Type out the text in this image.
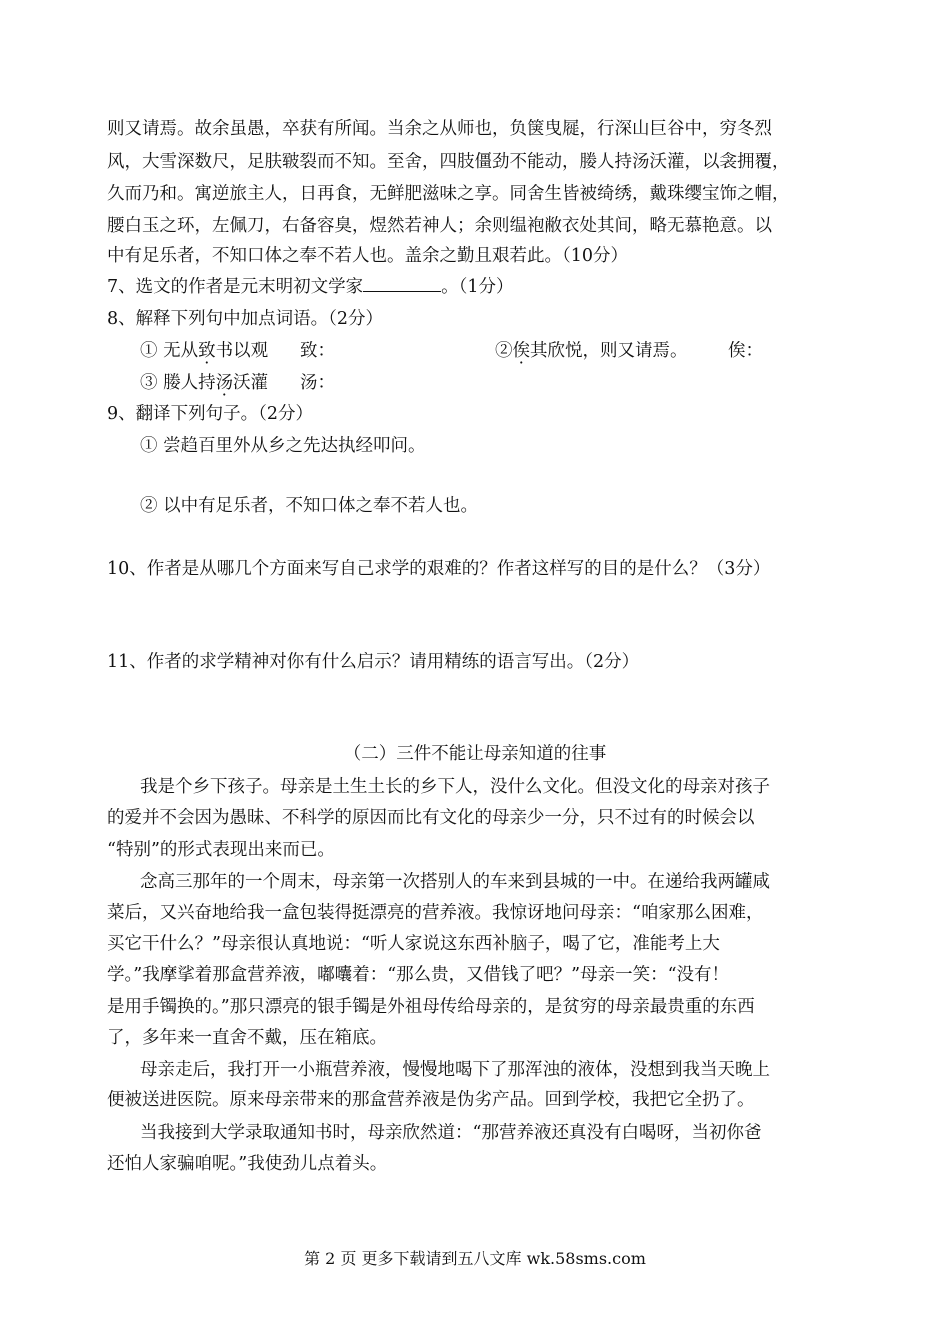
则又请焉。故余虽愚，卒获有所闻。当余之从师也，负箧曳屣，行深山巨谷中，穷冬烈
风，大雪深数尺，足肤皲裂而不知。至舍，四肢僵劲不能动，媵人持汤沃灌，以衾拥覆，
久而乃和。寓逆旅主人，日再食，无鲜肥滋味之享。同舍生皆被绮绣，戴珠缨宝饰之帽，
腰白玉之环，左佩刀，右备容臭，煜然若神人；余则缊袍敝衣处其间，略无慕艳意。以
中有足乐者，不知口体之奉不若人也。盖余之勤且艰若此。（10分）
7、选文的作者是元末明初文学家	。（1分）
8、解释下列句中加点词语。（2分）
① 无从致书以观 致：	②俟其欣悦，则又请焉。 俟：
③ 媵人持汤沃灌 汤：
9、翻译下列句子。（2分）
① 尝趋百里外从乡之先达执经叩问。
② 以中有足乐者，不知口体之奉不若人也。
10、作者是从哪几个方面来写自己求学的艰难的？作者这样写的目的是什么？（3分）
11、作者的求学精神对你有什么启示？请用精练的语言写出。（2分）
（二）三件不能让母亲知道的往事
我是个乡下孩子。母亲是土生土长的乡下人，没什么文化。但没文化的母亲对孩子
的爱并不会因为愚昧、不科学的原因而比有文化的母亲少一分，只不过有的时候会以
“特别”的形式表现出来而已。
念高三那年的一个周末，母亲第一次搭别人的车来到县城的一中。在递给我两罐咸
菜后，又兴奋地给我一盒包装得挺漂亮的营养液。我惊讶地问母亲：“咱家那么困难，
买它干什么？”母亲很认真地说：“听人家说这东西补脑子，喝了它，准能考上大
学。”我摩挲着那盒营养液，嘟囔着：“那么贵，又借钱了吧？”母亲一笑：“没有！
是用手镯换的。”那只漂亮的银手镯是外祖母传给母亲的，是贫穷的母亲最贵重的东西
了，多年来一直舍不戴，压在箱底。
母亲走后，我打开一小瓶营养液，慢慢地喝下了那浑浊的液体，没想到我当天晚上
便被送进医院。原来母亲带来的那盒营养液是伪劣产品。回到学校，我把它全扔了。
当我接到大学录取通知书时，母亲欣然道：“那营养液还真没有白喝呀，当初你爸
还怕人家骗咱呢。”我使劲儿点着头。
第 2 页 更多下载请到五八文库 wk.58sms.com
